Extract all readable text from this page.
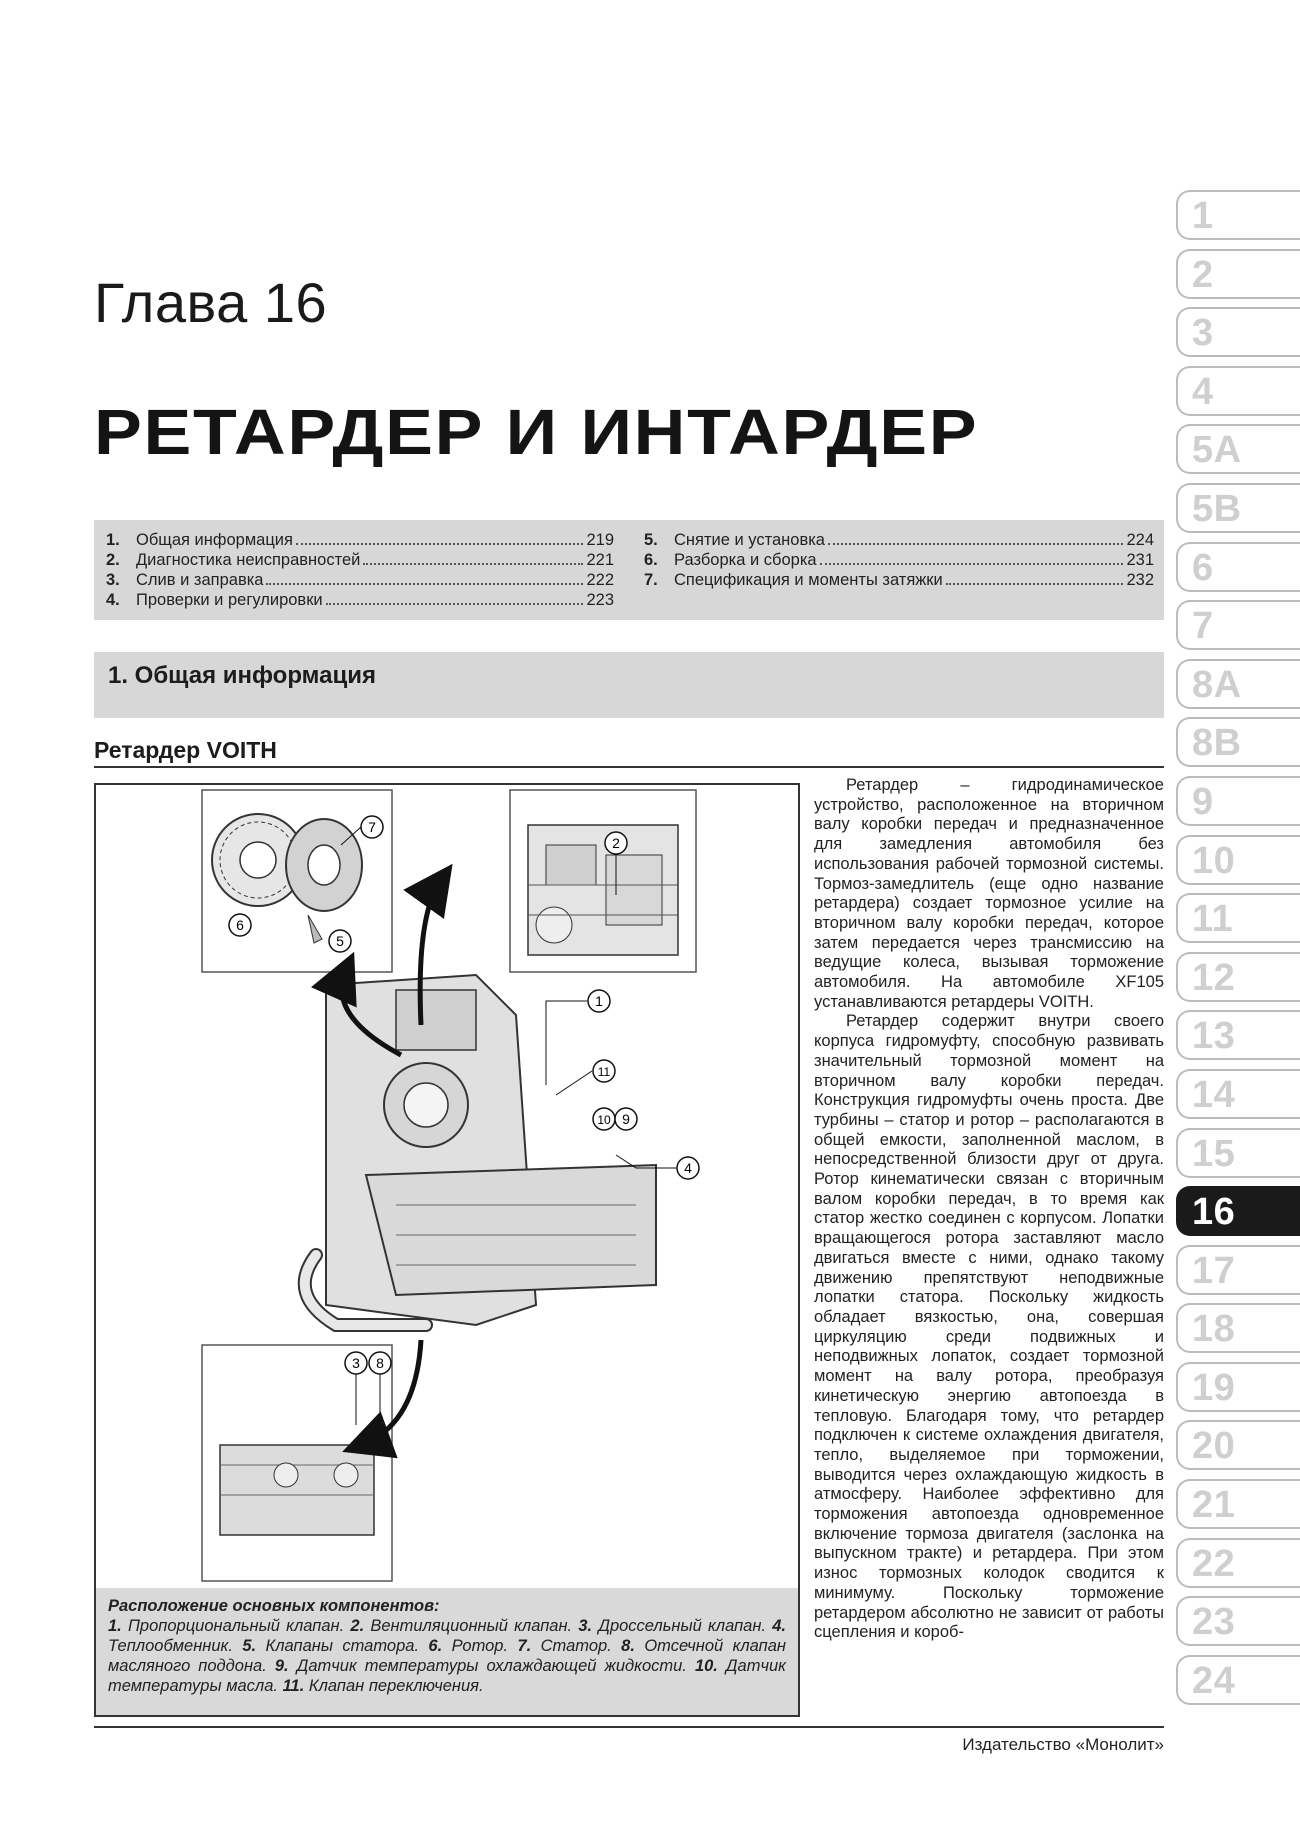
Глава 16
РЕТАРДЕР И ИНТАРДЕР
1. Общая информация	219
2. Диагностика неисправностей	221
3. Слив и заправка	222
4. Проверки и регулировки	223
5. Снятие и установка	224
6. Разборка и сборка	231
7. Спецификация и моменты затяжки	232
1. Общая информация
Ретардер VOITH
6
7
5
2
1
11
10 9
4
3 8
Расположение основных компонентов:
1. Пропорциональный клапан. 2. Вентиляционный клапан. 3. Дроссельный клапан. 4. Теплообменник. 5. Клапаны статора. 6. Ротор. 7. Статор. 8. Отсечной клапан масляного поддона. 9. Датчик температуры охлаждающей жидкости. 10. Датчик температуры масла. 11. Клапан переключения.

Ретардер – гидродинамическое устройство, расположенное на вторичном валу коробки передач и предназначенное для замедления автомобиля без использования рабочей тормозной системы. Тормоз-замедлитель (еще одно название ретардера) создает тормозное усилие на вторичном валу коробки передач, которое затем передается через трансмиссию на ведущие колеса, вызывая торможение автомобиля. На автомобиле XF105 устанавливаются ретардеры VOITH.

Ретардер содержит внутри своего корпуса гидромуфту, способную развивать значительный тормозной момент на вторичном валу коробки передач. Конструкция гидромуфты очень проста. Две турбины – статор и ротор – располагаются в общей емкости, заполненной маслом, в непосредственной близости друг от друга. Ротор кинематически связан с вторичным валом коробки передач, в то время как статор жестко соединен с корпусом. Лопатки вращающегося ротора заставляют масло двигаться вместе с ними, однако такому движению препятствуют неподвижные лопатки статора. Поскольку жидкость обладает вязкостью, она, совершая циркуляцию среди подвижных и неподвижных лопаток, создает тормозной момент на валу ротора, преобразуя кинетическую энергию автопоезда в тепловую. Благодаря тому, что ретардер подключен к системе охлаждения двигателя, тепло, выделяемое при торможении, выводится через охлаждающую жидкость в атмосферу. Наиболее эффективно для торможения автопоезда одновременное включение тормоза двигателя (заслонка на выпускном тракте) и ретардера. При этом износ тормозных колодок сводится к минимуму. Поскольку торможение ретардером абсолютно не зависит от работы сцепления и короб-

Издательство «Монолит»
1
2
3
4
5A
5B
6
7
8A
8B
9
10
11
12
13
14
15
16
17
18
19
20
21
22
23
24
